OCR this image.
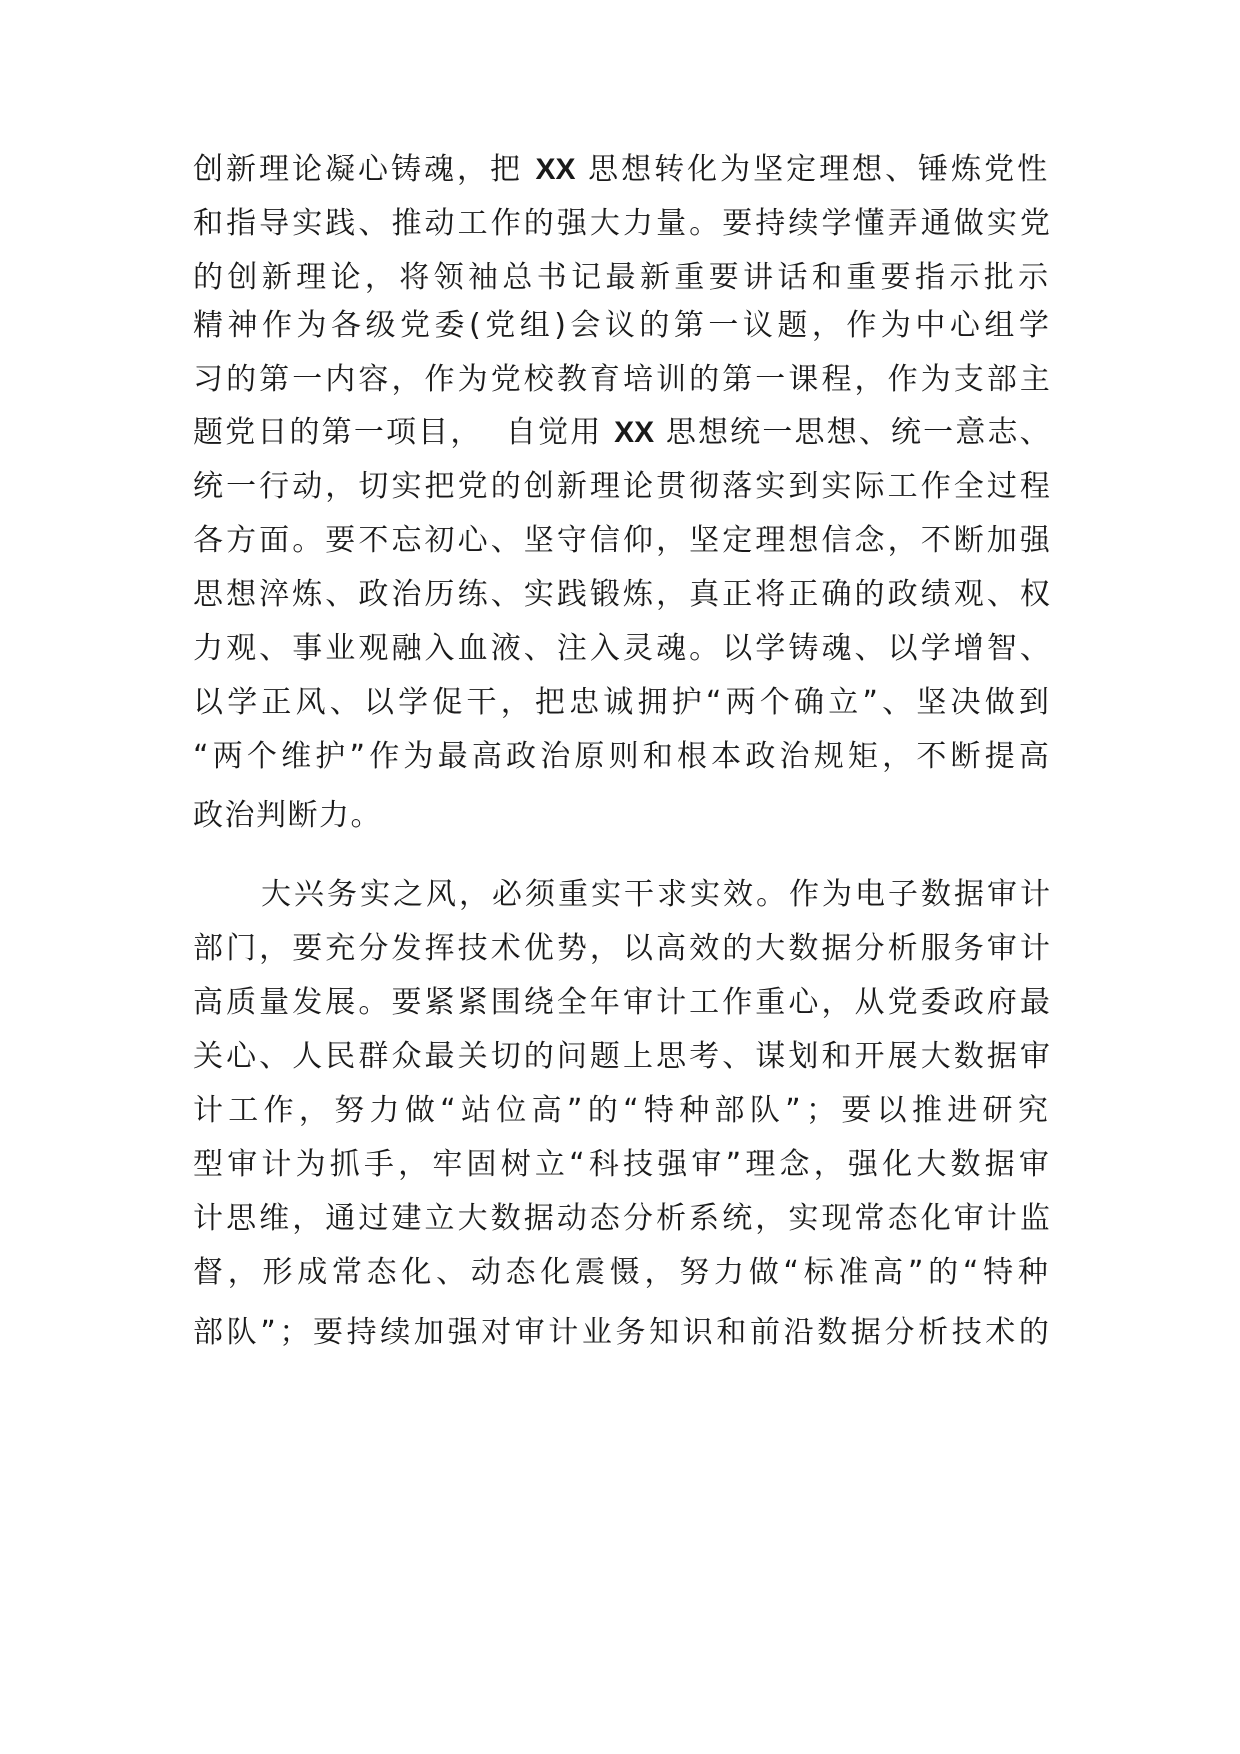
创新理论凝心铸魂，把 XX 思想转化为坚定理想、锤炼党性
和指导实践、推动工作的强大力量。要持续学懂弄通做实党
的创新理论，将领袖总书记最新重要讲话和重要指示批示
精神作为各级党委(党组)会议的第一议题，作为中心组学
习的第一内容，作为党校教育培训的第一课程，作为支部主
题党日的第一项目，  自觉用 XX 思想统一思想、统一意志、
统一行动，切实把党的创新理论贯彻落实到实际工作全过程
各方面。要不忘初心、坚守信仰，坚定理想信念，不断加强
思想淬炼、政治历练、实践锻炼，真正将正确的政绩观、权
力观、事业观融入血液、注入灵魂。以学铸魂、以学增智、
以学正风、以学促干，把忠诚拥护“两个确立”、坚决做到
“两个维护”作为最高政治原则和根本政治规矩，不断提高
政治判断力。
大兴务实之风，必须重实干求实效。作为电子数据审计
部门，要充分发挥技术优势，以高效的大数据分析服务审计
高质量发展。要紧紧围绕全年审计工作重心，从党委政府最
关心、人民群众最关切的问题上思考、谋划和开展大数据审
计工作，努力做“站位高”的“特种部队”；要以推进研究
型审计为抓手，牢固树立“科技强审”理念，强化大数据审
计思维，通过建立大数据动态分析系统，实现常态化审计监
督，形成常态化、动态化震慑，努力做“标准高”的“特种
部队”；要持续加强对审计业务知识和前沿数据分析技术的
